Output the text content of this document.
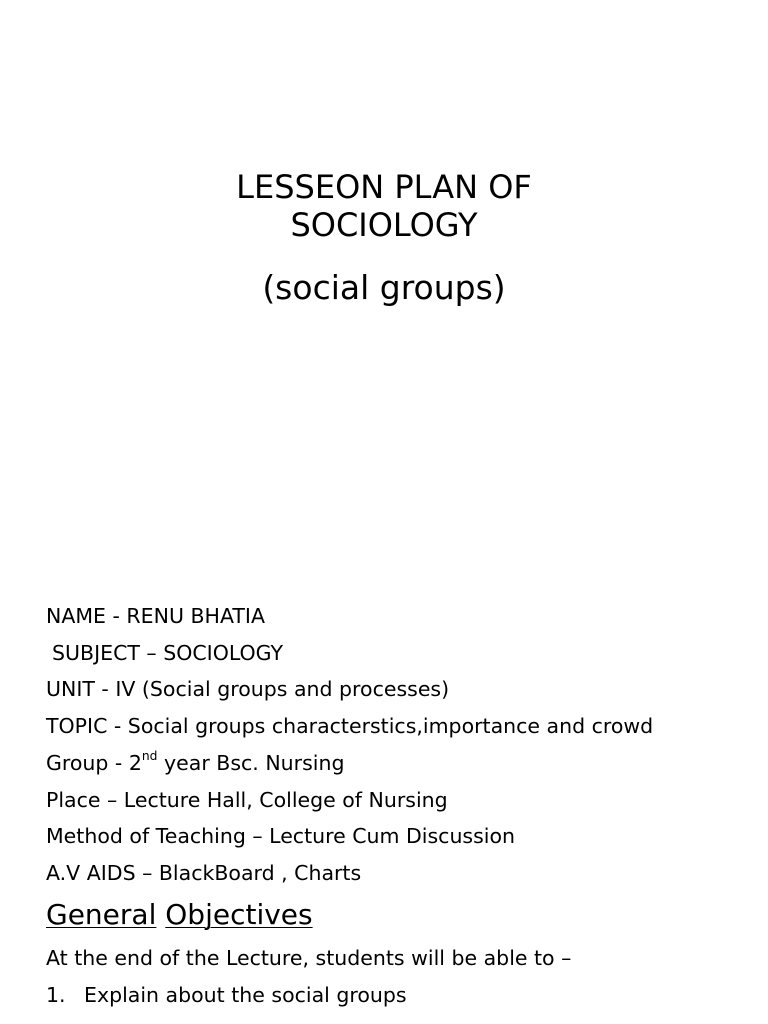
LESSEON PLAN OF
SOCIOLOGY
(social groups)
NAME - RENU BHATIA
SUBJECT – SOCIOLOGY
UNIT - IV (Social groups and processes)
TOPIC - Social groups characterstics,importance and crowd
Group - 2nd year Bsc. Nursing
Place – Lecture Hall, College of Nursing
Method of Teaching – Lecture Cum Discussion
A.V AIDS – BlackBoard , Charts
General Objectives
At the end of the Lecture, students will be able to –
1. Explain about the social groups
